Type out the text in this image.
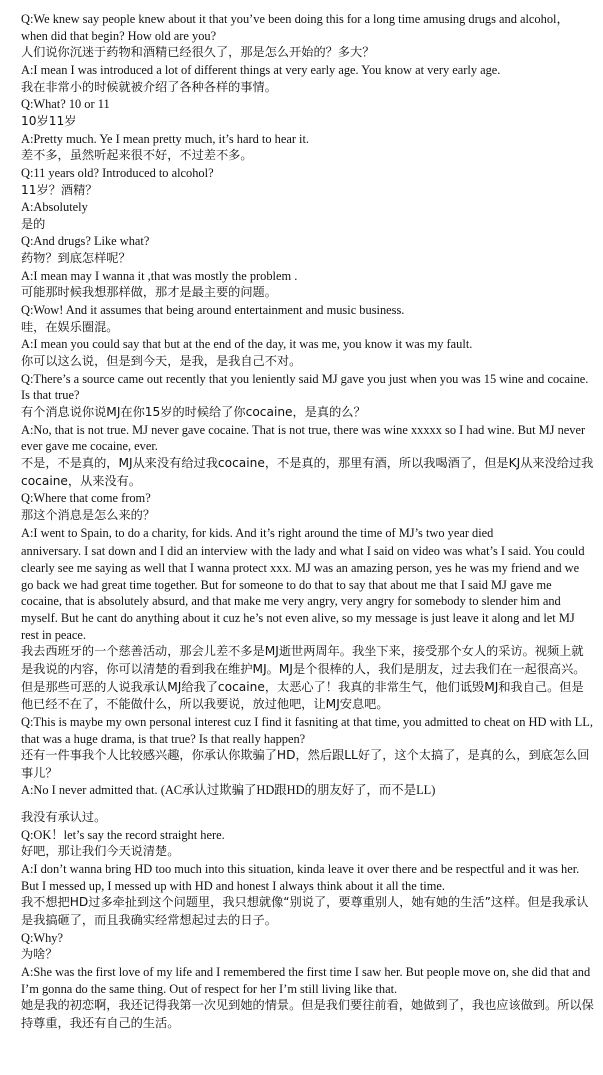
Q:We knew say people knew about it that you’ve been doing this for a long time amusing drugs and alcohol，when did that begin? How old are you?
人们说你沉迷于药物和酒精已经很久了，那是怎么开始的？多大？
A:I mean I was introduced a lot of different things at very early age. You know at very early age.
我在非常小的时候就被介绍了各种各样的事情。
Q:What? 10 or 11
10岁11岁
A:Pretty much. Ye I mean pretty much, it’s hard to hear it.
差不多，虽然听起来很不好，不过差不多。
Q:11 years old? Introduced to alcohol?
11岁？酒精？
A:Absolutely
是的
Q:And drugs? Like what?
药物？到底怎样呢？
A:I mean may I wanna it ,that was mostly the problem .
可能那时候我想那样做，那才是最主要的问题。
Q:Wow! And it assumes that being around entertainment and music business.
哇，在娱乐圈混。
A:I mean you could say that but at the end of the day, it was me, you know it was my fault.
你可以这么说，但是到今天，是我，是我自己不对。
Q:There’s a source came out recently that you leniently said MJ gave you just when you was 15 wine and cocaine. Is that true?
有个消息说你说MJ在你15岁的时候给了你cocaine，是真的么？
A:No, that is not true. MJ never gave cocaine. That is not true, there was wine xxxxx so I had wine. But MJ never ever gave me cocaine, ever.
不是，不是真的，MJ从来没有给过我cocaine，不是真的，那里有酒，所以我喝酒了，但是KJ从来没给过我cocaine，从来没有。
Q:Where that come from?
那这个消息是怎么来的？
A:I went to Spain, to do a charity, for kids. And it’s right around the time of MJ’s two year died
anniversary. I sat down and I did an interview with the lady and what I said on video was what’s I said. You could clearly see me saying as well that I wanna protect xxx. MJ was an amazing person, yes he was my friend and we go back we had great time together. But for someone to do that to say that about me that I said MJ gave me cocaine, that is absolutely absurd, and that make me very angry, very angry for somebody to slender him and myself. But he cant do anything about it cuz he’s not even alive, so my message is just leave it along and let MJ rest in peace.
我去西班牙的一个慈善活动，那会儿差不多是MJ逝世两周年。我坐下来，接受那个女人的采访。视频上就是我说的内容，你可以清楚的看到我在维护MJ。MJ是个很棒的人，我们是朋友，过去我们在一起很高兴。但是那些可恶的人说我承认MJ给我了cocaine，太恶心了！我真的非常生气，他们诋毁MJ和我自己。但是他已经不在了，不能做什么，所以我要说，放过他吧，让MJ安息吧。
Q:This is maybe my own personal interest cuz I find it fasniting at that time, you admitted to cheat on HD with LL, that was a huge drama, is that true? Is that really happen?
还有一件事我个人比较感兴趣，你承认你欺骗了HD，然后跟LL好了，这个太搞了，是真的么，到底怎么回事儿？
A:No I never admitted that. (AC承认过欺骗了HD跟HD的朋友好了，而不是LL)
我没有承认过。
Q:OK！let’s say the record straight here.
好吧，那让我们今天说清楚。
A:I don’t wanna bring HD too much into this situation, kinda leave it over there and be respectful and it was her. But I messed up, I messed up with HD and honest I always think about it all the time.
我不想把HD过多牵扯到这个问题里，我只想就像“别说了，要尊重别人，她有她的生活”这样。但是我承认是我搞砸了，而且我确实经常想起过去的日子。
Q:Why?
为啥？
A:She was the first love of my life and I remembered the first time I saw her. But people move on, she did that and I’m gonna do the same thing. Out of respect for her I’m still living like that.
她是我的初恋啊，我还记得我第一次见到她的情景。但是我们要往前看，她做到了，我也应该做到。所以保持尊重，我还有自己的生活。
